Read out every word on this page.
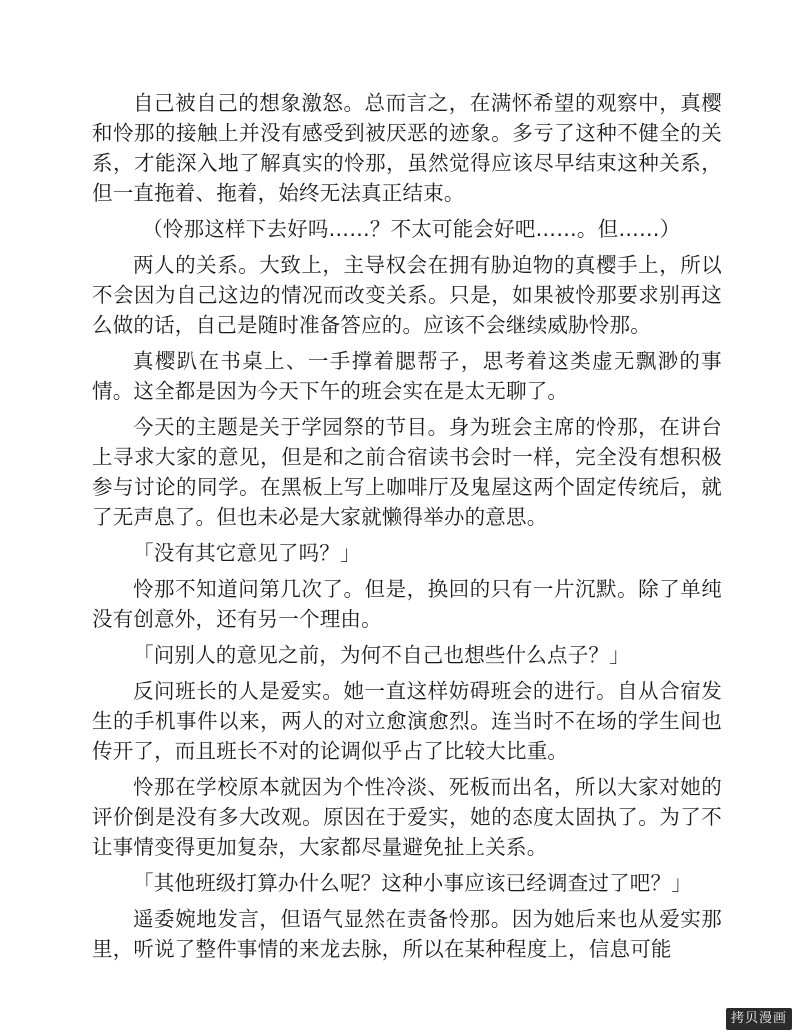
自己被自己的想象激怒。总而言之，在满怀希望的观察中，真樱和怜那的接触上并没有感受到被厌恶的迹象。多亏了这种不健全的关系，才能深入地了解真实的怜那，虽然觉得应该尽早结束这种关系，但一直拖着、拖着，始终无法真正结束。

（怜那这样下去好吗……？不太可能会好吧……。但……）

两人的关系。大致上，主导权会在拥有胁迫物的真樱手上，所以不会因为自己这边的情况而改变关系。只是，如果被怜那要求别再这么做的话，自己是随时准备答应的。应该不会继续威胁怜那。

真樱趴在书桌上、一手撑着腮帮子，思考着这类虚无飘渺的事情。这全都是因为今天下午的班会实在是太无聊了。

今天的主题是关于学园祭的节目。身为班会主席的怜那，在讲台上寻求大家的意见，但是和之前合宿读书会时一样，完全没有想积极参与讨论的同学。在黑板上写上咖啡厅及鬼屋这两个固定传统后，就了无声息了。但也未必是大家就懒得举办的意思。

「没有其它意见了吗？」

怜那不知道问第几次了。但是，换回的只有一片沉默。除了单纯没有创意外，还有另一个理由。

「问别人的意见之前，为何不自己也想些什么点子？」

反问班长的人是爱实。她一直这样妨碍班会的进行。自从合宿发生的手机事件以来，两人的对立愈演愈烈。连当时不在场的学生间也传开了，而且班长不对的论调似乎占了比较大比重。

怜那在学校原本就因为个性冷淡、死板而出名，所以大家对她的评价倒是没有多大改观。原因在于爱实，她的态度太固执了。为了不让事情变得更加复杂，大家都尽量避免扯上关系。

「其他班级打算办什么呢？这种小事应该已经调查过了吧？」

遥委婉地发言，但语气显然在责备怜那。因为她后来也从爱实那里，听说了整件事情的来龙去脉，所以在某种程度上，信息可能

拷贝漫画
